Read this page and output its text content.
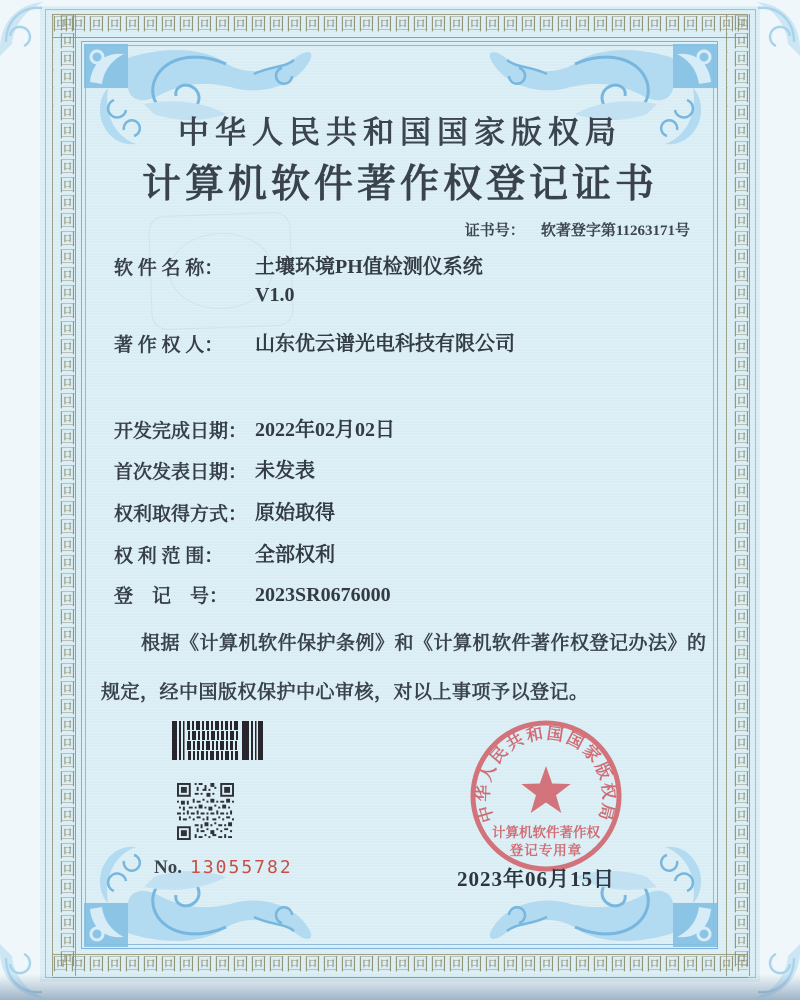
回回回回回回回回回回回回回回回回回回回回回回回回回回回回回回回回回回回回回回回回回回回回回回回回回回
回回回回回回回回回回回回回回回回回回回回回回回回回回回回回回回回回回回回回回回回回回回回回回回回回回
回回回回回回回回回回回回回回回回回回回回回回回回回回回回回回回回回回回回回回回回回回回回回回回回回回回回回回回回回回回
回回回回回回回回回回回回回回回回回回回回回回回回回回回回回回回回回回回回回回回回回回回回回回回回回回回回回回回回回回回
中华人民共和国国家版权局
计算机软件著作权登记证书
证书号： 软著登字第11263171号
软 件 名 称： 土壤环境PH值检测仪系统
V1.0
著 作 权 人： 山东优云谱光电科技有限公司
开发完成日期： 2022年02月02日
首次发表日期： 未发表
权利取得方式： 原始取得
权 利 范 围： 全部权利
登　记　号： 2023SR0676000
根据《计算机软件保护条例》和《计算机软件著作权登记办法》的
规定，经中国版权保护中心审核，对以上事项予以登记。
No. 13055782
中华人民共和国国家版权局
计算机软件著作权
登记专用章
2023年06月15日
